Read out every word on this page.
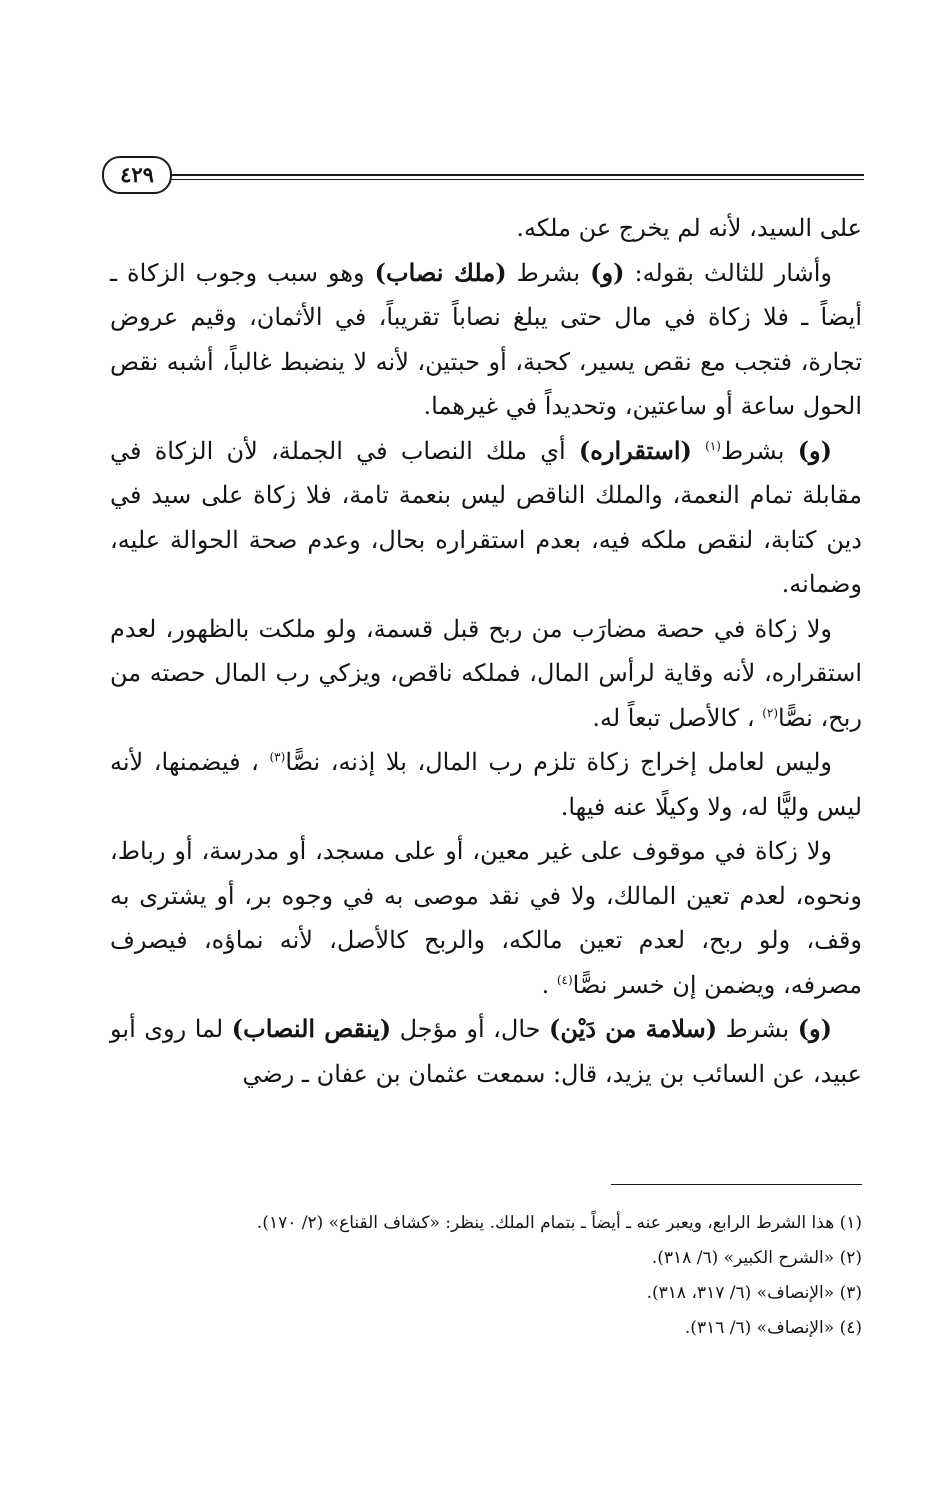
٤٢٩

على السيد، لأنه لم يخرج عن ملكه.

وأشار للثالث بقوله: (و) بشرط (ملك نصاب) وهو سبب وجوب الزكاة ـ أيضاً ـ فلا زكاة في مال حتى يبلغ نصاباً تقريباً، في الأثمان، وقيم عروض تجارة، فتجب مع نقص يسير، كحبة، أو حبتين، لأنه لا ينضبط غالباً، أشبه نقص الحول ساعة أو ساعتين، وتحديداً في غيرهما.

(و) بشرط$^{(١)}$ (استقراره) أي ملك النصاب في الجملة، لأن الزكاة في مقابلة تمام النعمة، والملك الناقص ليس بنعمة تامة، فلا زكاة على سيد في دين كتابة، لنقص ملكه فيه، بعدم استقراره بحال، وعدم صحة الحوالة عليه، وضمانه.

ولا زكاة في حصة مضارَب من ربح قبل قسمة، ولو ملكت بالظهور، لعدم استقراره، لأنه وقاية لرأس المال، فملكه ناقص، ويزكي رب المال حصته من ربح، نصًّا$^{(٢)}$ ، كالأصل تبعاً له.

وليس لعامل إخراج زكاة تلزم رب المال، بلا إذنه، نصًّا$^{(٣)}$ ، فيضمنها، لأنه ليس وليًّا له، ولا وكيلًا عنه فيها.

ولا زكاة في موقوف على غير معين، أو على مسجد، أو مدرسة، أو رباط، ونحوه، لعدم تعين المالك، ولا في نقد موصى به في وجوه بر، أو يشترى به وقف، ولو ربح، لعدم تعين مالكه، والربح كالأصل، لأنه نماؤه، فيصرف مصرفه، ويضمن إن خسر نصًّا$^{(٤)}$ .

(و) بشرط (سلامة من دَيْن) حال، أو مؤجل (ينقص النصاب) لما روى أبو عبيد، عن السائب بن يزيد، قال: سمعت عثمان بن عفان ـ رضي

(١) هذا الشرط الرابع، ويعبر عنه ـ أيضاً ـ بتمام الملك. ينظر: «كشاف القناع» (٢/ ١٧٠).

(٢) «الشرح الكبير» (٦/ ٣١٨).

(٣) «الإنصاف» (٦/ ٣١٧، ٣١٨).

(٤) «الإنصاف» (٦/ ٣١٦).
